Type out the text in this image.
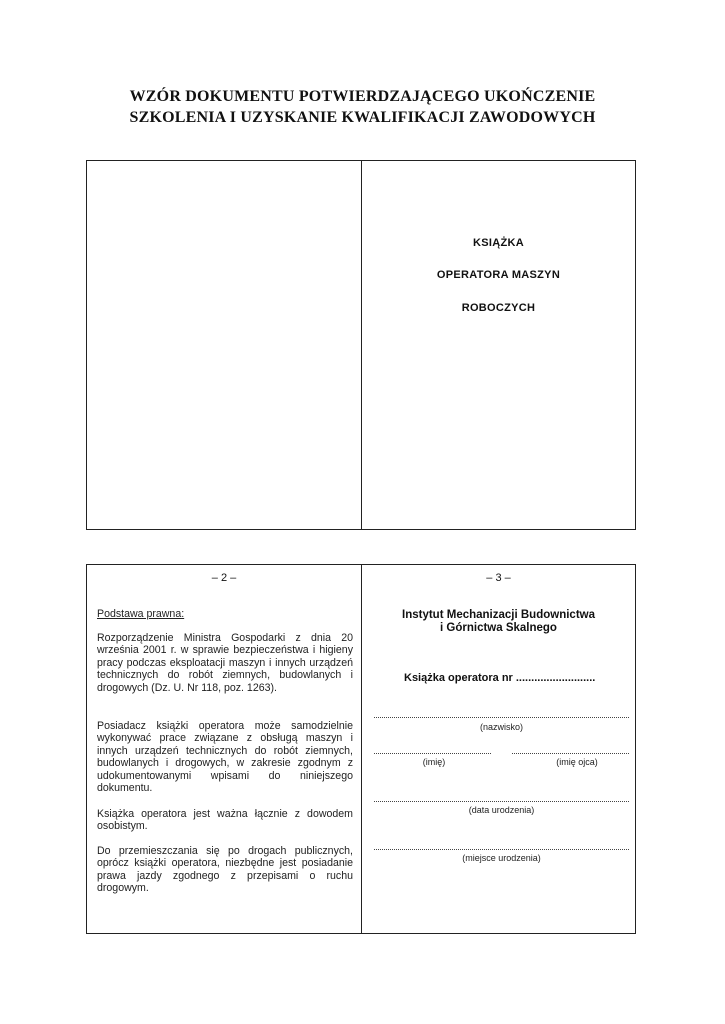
WZÓR DOKUMENTU POTWIERDZAJĄCEGO UKOŃCZENIE
SZKOLENIA I UZYSKANIE KWALIFIKACJI ZAWODOWYCH
KSIĄŻKA
OPERATORA MASZYN
ROBOCZYCH
– 2 –
Podstawa prawna:
Rozporządzenie Ministra Gospodarki z dnia 20 września 2001 r. w sprawie bezpieczeństwa i higieny pracy podczas eksploatacji maszyn i innych urządzeń technicznych do robót ziemnych, budowlanych i drogowych (Dz. U. Nr 118, poz. 1263).
Posiadacz książki operatora może samodzielnie wykonywać prace związane z obsługą maszyn i innych urządzeń technicznych do robót ziemnych, budowlanych i drogowych, w zakresie zgodnym z udokumentowanymi wpisami do niniejszego dokumentu.
Książka operatora jest ważna łącznie z dowodem osobistym.
Do przemieszczania się po drogach publicznych, oprócz książki operatora, niezbędne jest posiadanie prawa jazdy zgodnego z przepisami o ruchu drogowym.
– 3 –
Instytut Mechanizacji Budownictwa
i Górnictwa Skalnego
Książka operatora nr ..........................
(nazwisko)
(imię)	(imię ojca)
(data urodzenia)
(miejsce urodzenia)
